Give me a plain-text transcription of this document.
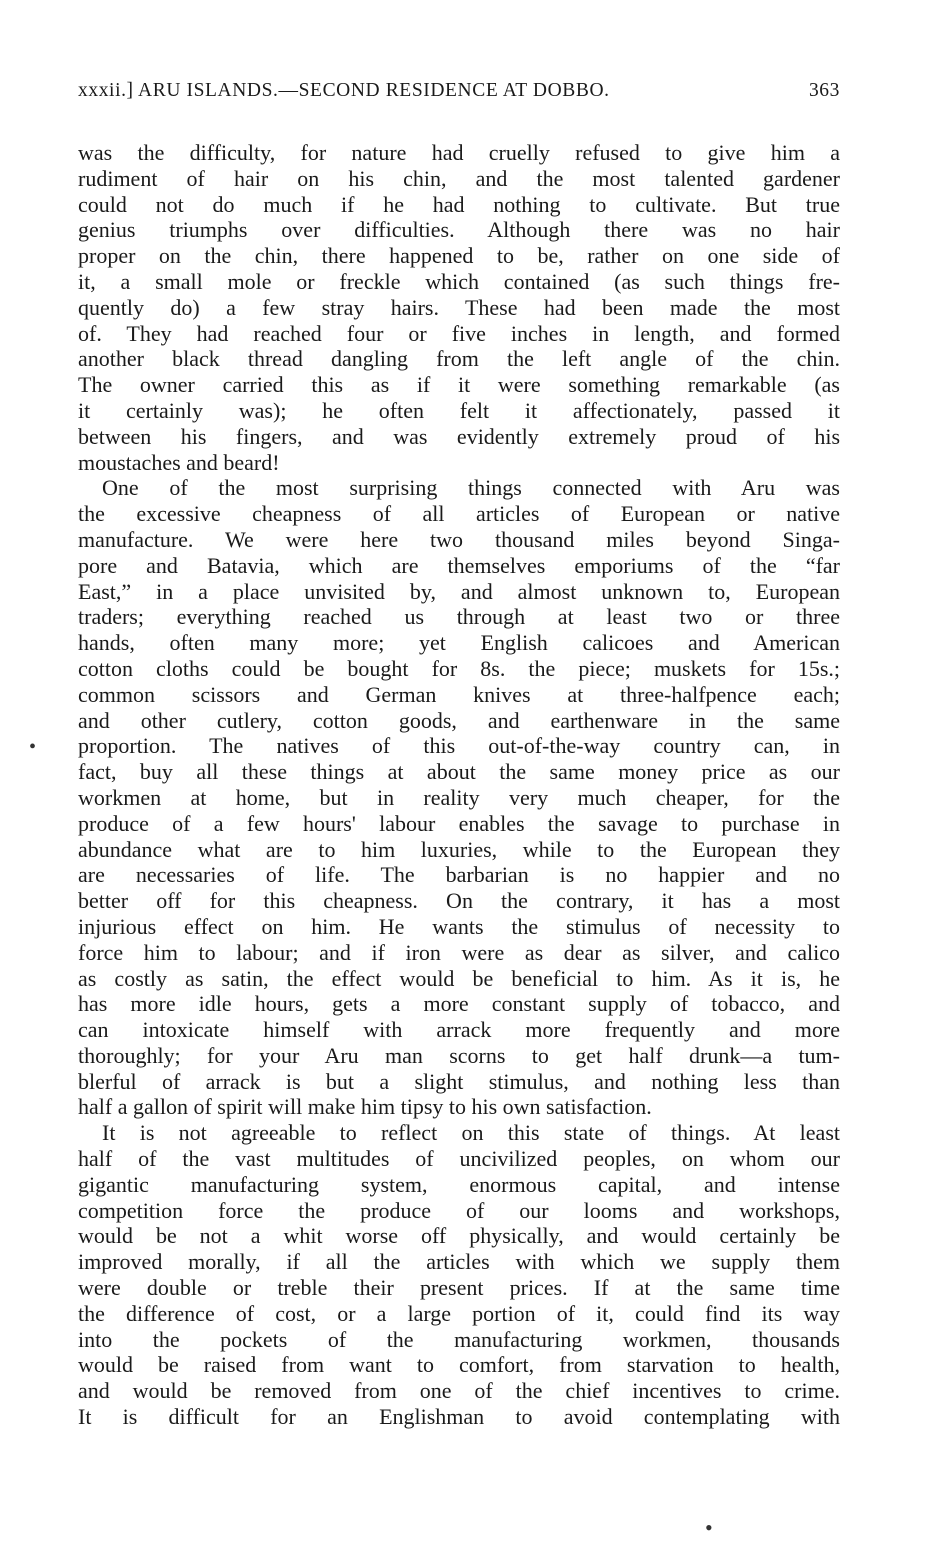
xxxii.] ARU ISLANDS.—SECOND RESIDENCE AT DOBBO.	363
was the difficulty, for nature had cruelly refused to give him a
rudiment of hair on his chin, and the most talented gardener
could not do much if he had nothing to cultivate. But true
genius triumphs over difficulties. Although there was no hair
proper on the chin, there happened to be, rather on one side of
it, a small mole or freckle which contained (as such things fre-
quently do) a few stray hairs. These had been made the most
of. They had reached four or five inches in length, and formed
another black thread dangling from the left angle of the chin.
The owner carried this as if it were something remarkable (as
it certainly was); he often felt it affectionately, passed it
between his fingers, and was evidently extremely proud of his
moustaches and beard!
One of the most surprising things connected with Aru was
the excessive cheapness of all articles of European or native
manufacture. We were here two thousand miles beyond Singa-
pore and Batavia, which are themselves emporiums of the “far
East,” in a place unvisited by, and almost unknown to, European
traders; everything reached us through at least two or three
hands, often many more; yet English calicoes and American
cotton cloths could be bought for 8s. the piece; muskets for 15s.;
common scissors and German knives at three-halfpence each;
and other cutlery, cotton goods, and earthenware in the same
proportion. The natives of this out-of-the-way country can, in
fact, buy all these things at about the same money price as our
workmen at home, but in reality very much cheaper, for the
produce of a few hours' labour enables the savage to purchase in
abundance what are to him luxuries, while to the European they
are necessaries of life. The barbarian is no happier and no
better off for this cheapness. On the contrary, it has a most
injurious effect on him. He wants the stimulus of necessity to
force him to labour; and if iron were as dear as silver, and calico
as costly as satin, the effect would be beneficial to him. As it is, he
has more idle hours, gets a more constant supply of tobacco, and
can intoxicate himself with arrack more frequently and more
thoroughly; for your Aru man scorns to get half drunk—a tum-
blerful of arrack is but a slight stimulus, and nothing less than
half a gallon of spirit will make him tipsy to his own satisfaction.
It is not agreeable to reflect on this state of things. At least
half of the vast multitudes of uncivilized peoples, on whom our
gigantic manufacturing system, enormous capital, and intense
competition force the produce of our looms and workshops,
would be not a whit worse off physically, and would certainly be
improved morally, if all the articles with which we supply them
were double or treble their present prices. If at the same time
the difference of cost, or a large portion of it, could find its way
into the pockets of the manufacturing workmen, thousands
would be raised from want to comfort, from starvation to health,
and would be removed from one of the chief incentives to crime.
It is difficult for an Englishman to avoid contemplating with
•
•
